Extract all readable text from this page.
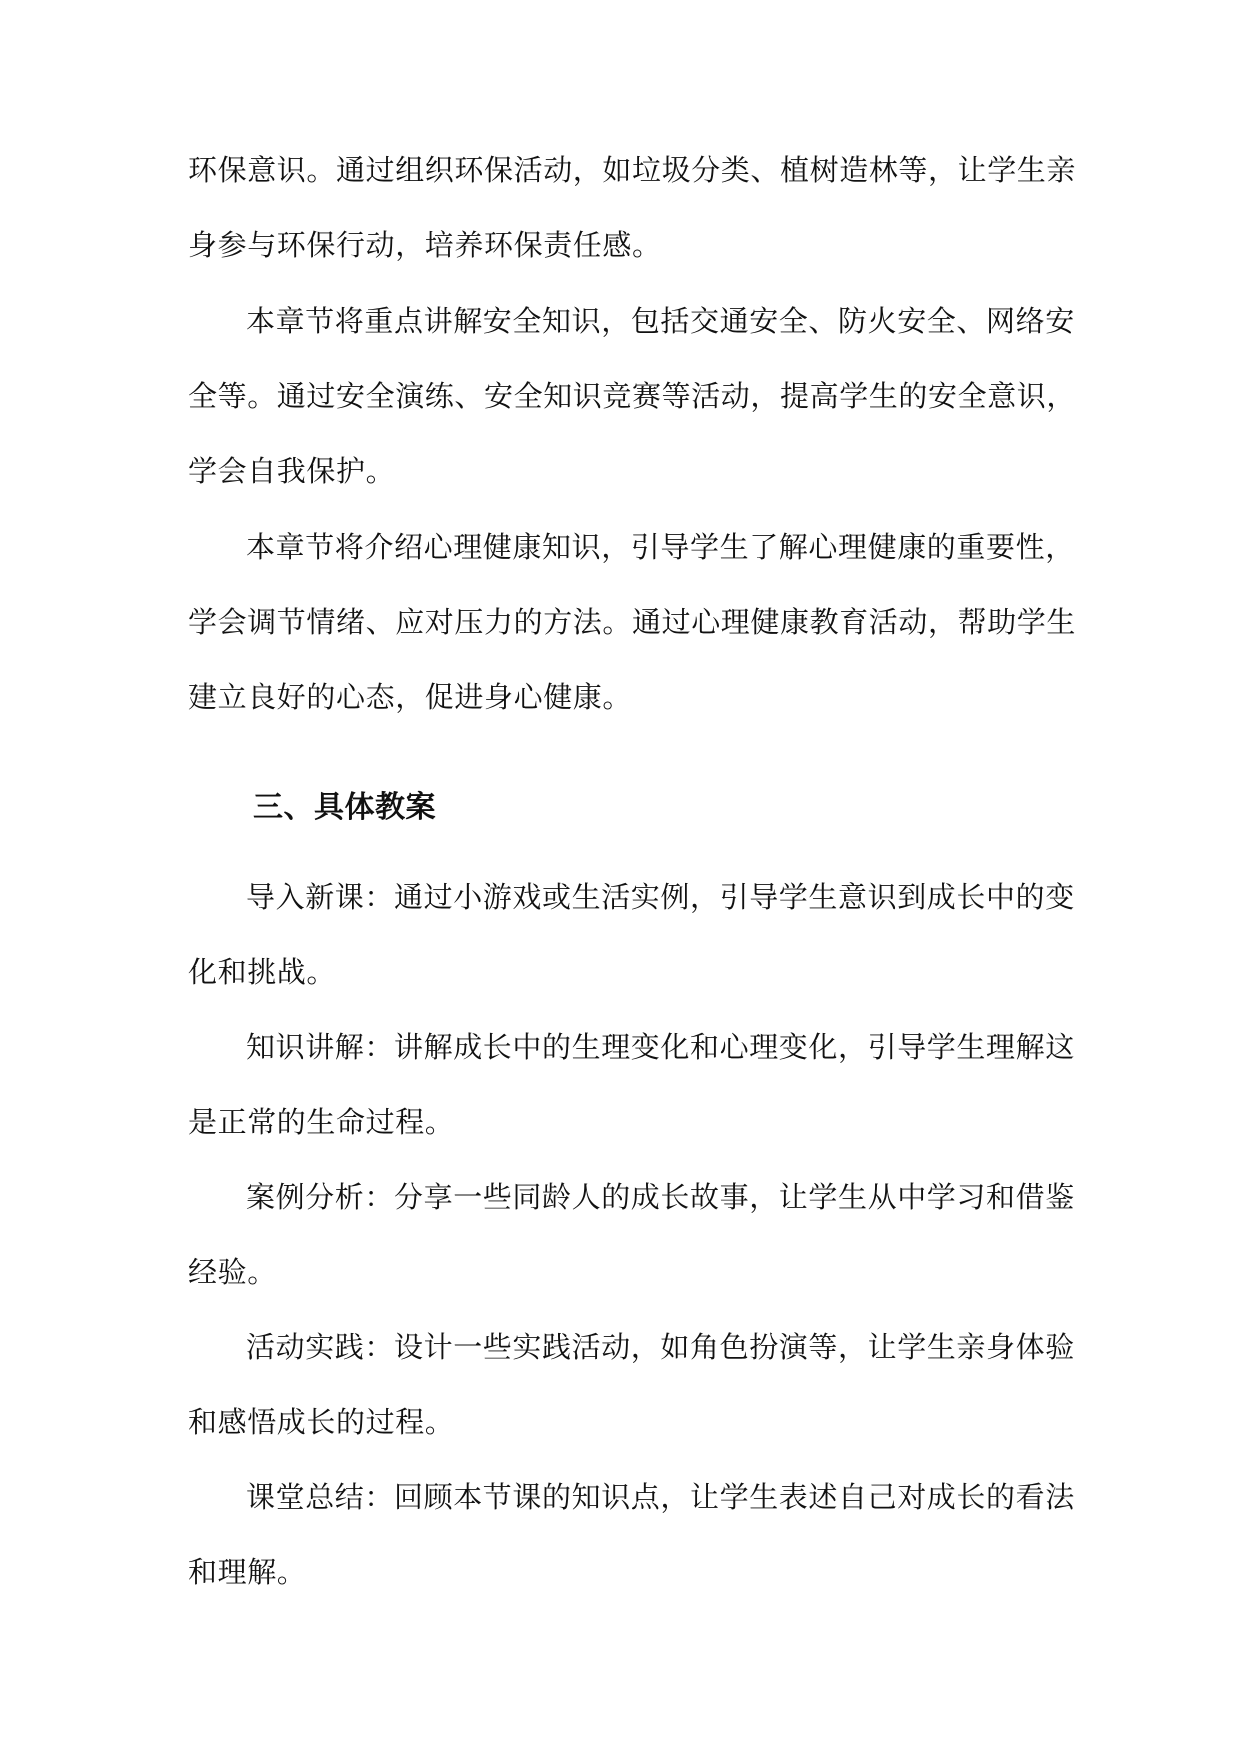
环保意识。通过组织环保活动，如垃圾分类、植树造林等，让学生亲
身参与环保行动，培养环保责任感。
本章节将重点讲解安全知识，包括交通安全、防火安全、网络安
全等。通过安全演练、安全知识竞赛等活动，提高学生的安全意识，
学会自我保护。
本章节将介绍心理健康知识，引导学生了解心理健康的重要性，
学会调节情绪、应对压力的方法。通过心理健康教育活动，帮助学生
建立良好的心态，促进身心健康。
三、具体教案
导入新课：通过小游戏或生活实例，引导学生意识到成长中的变
化和挑战。
知识讲解：讲解成长中的生理变化和心理变化，引导学生理解这
是正常的生命过程。
案例分析：分享一些同龄人的成长故事，让学生从中学习和借鉴
经验。
活动实践：设计一些实践活动，如角色扮演等，让学生亲身体验
和感悟成长的过程。
课堂总结：回顾本节课的知识点，让学生表述自己对成长的看法
和理解。
